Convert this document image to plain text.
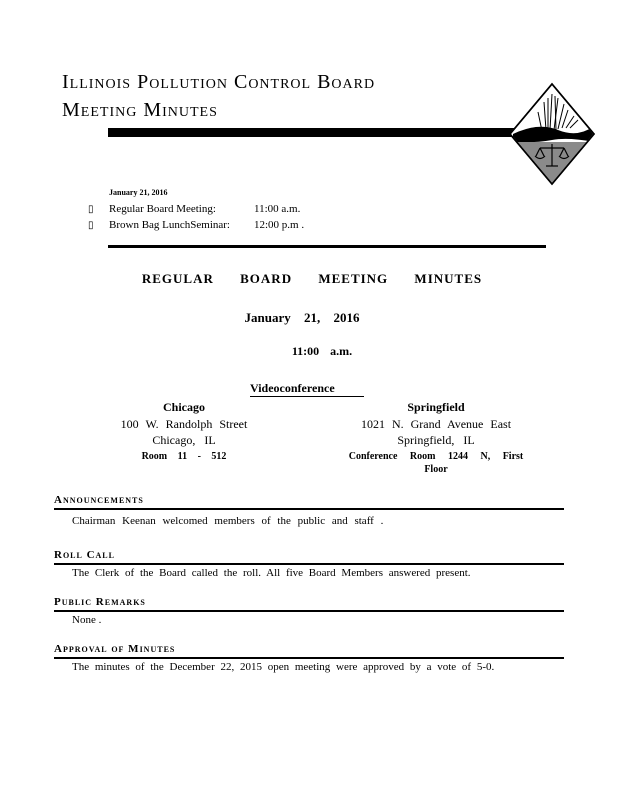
Illinois Pollution Control Board
Meeting Minutes
January 21, 2016
▯ Regular Board Meeting:	11:00 a.m.
▯ Brown Bag LunchSeminar: 12:00 p.m .
REGULAR BOARD MEETING MINUTES
January 21, 2016
11:00 a.m.
Videoconference
Chicago
100 W. Randolph Street
Chicago, IL
Room 11 - 512
Springfield
1021 N. Grand Avenue East
Springfield, IL
Conference Room 1244 N, First
Floor
Announcements
Chairman Keenan welcomed members of the public and staff .
Roll Call
The Clerk of the Board called the roll. All five Board Members answered present.
Public Remarks
None .
Approval of Minutes
The minutes of the December 22, 2015 open meeting were approved by a vote of 5-0.
